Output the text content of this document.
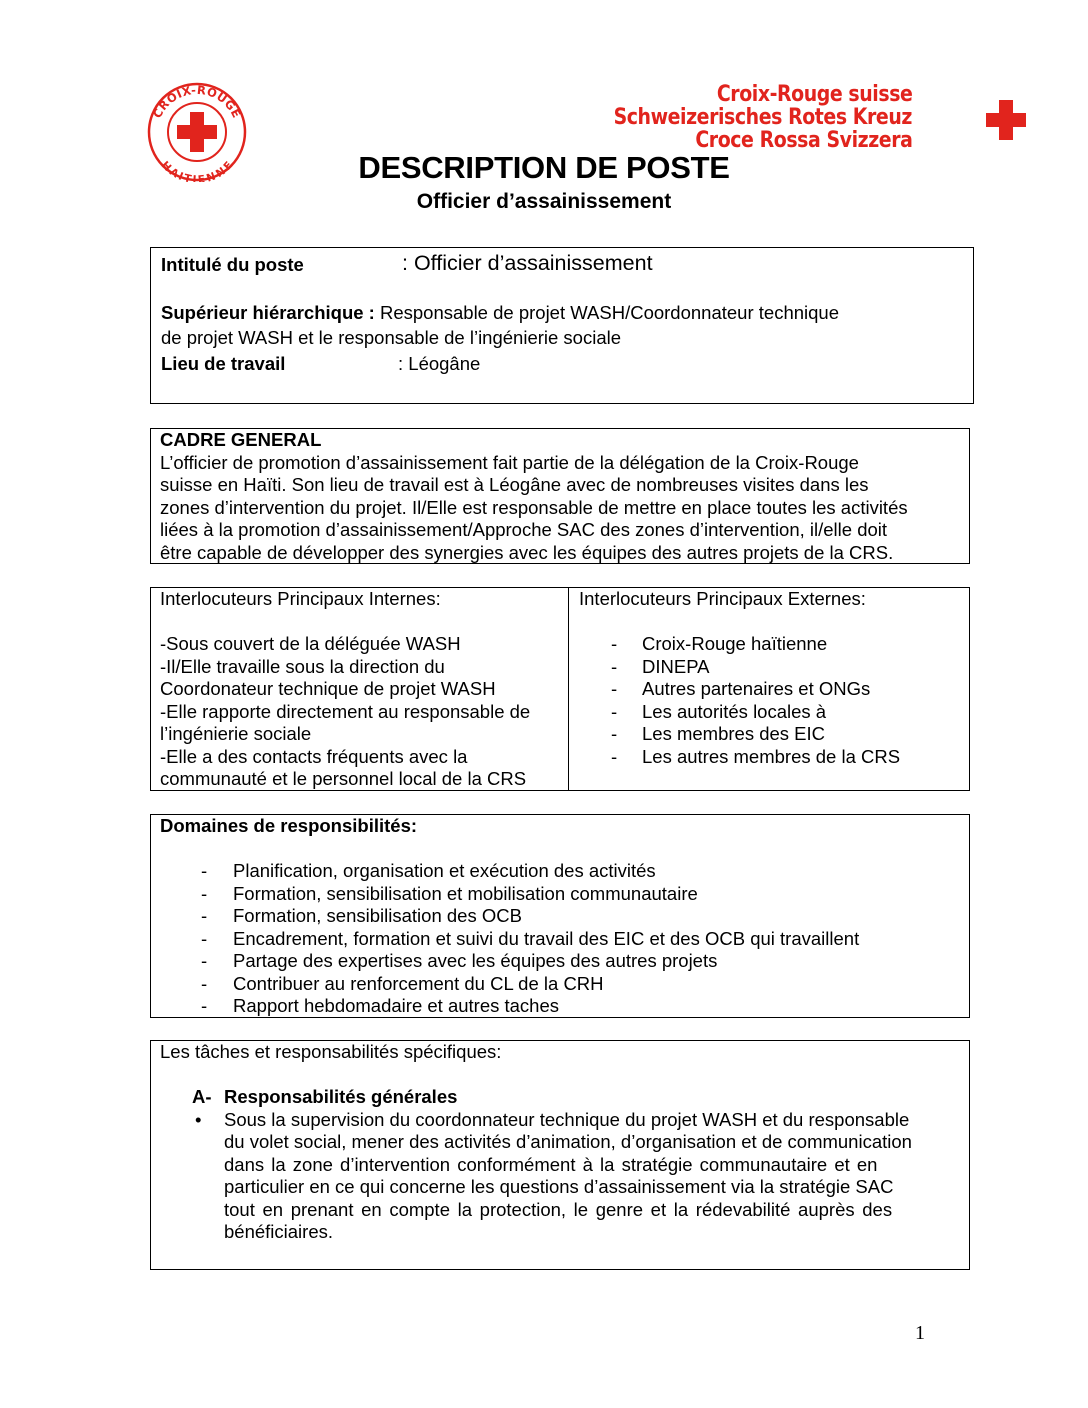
CROIX-ROUGE
HAITIENNE
Croix-Rouge suisse
Schweizerisches Rotes Kreuz
Croce Rossa Svizzera
DESCRIPTION DE POSTE
Officier d’assainissement
Intitulé du poste	: Officier d’assainissement
Supérieur hiérarchique : Responsable de projet WASH/Coordonnateur technique
de projet WASH et le responsable de l’ingénierie sociale
Lieu de travail	: Léogâne
CADRE GENERAL
L’officier de promotion d’assainissement fait partie de la délégation de la Croix-Rouge
suisse en Haïti. Son lieu de travail est à Léogâne avec de nombreuses visites dans les
zones d’intervention du projet. Il/Elle est responsable de mettre en place toutes les activités
liées à la promotion d’assainissement/Approche SAC des zones d’intervention, il/elle doit
être capable de développer des synergies avec les équipes des autres projets de la CRS.
Interlocuteurs Principaux Internes:
-Sous couvert de la déléguée WASH
-Il/Elle travaille sous la direction du
Coordonateur technique de projet WASH
-Elle rapporte directement au responsable de
l’ingénierie sociale
-Elle a des contacts fréquents avec la
communauté et le personnel local de la CRS
Interlocuteurs Principaux Externes:
- Croix-Rouge haïtienne
- DINEPA
- Autres partenaires et ONGs
- Les autorités locales à
- Les membres des EIC
- Les autres membres de la CRS
Domaines de responsibilités:
- Planification, organisation et exécution des activités
- Formation, sensibilisation et mobilisation communautaire
- Formation, sensibilisation des OCB
- Encadrement, formation et suivi du travail des EIC et des OCB qui travaillent
- Partage des expertises avec les équipes des autres projets
- Contribuer au renforcement du CL de la CRH
- Rapport hebdomadaire et autres taches
Les tâches et responsabilités spécifiques:
A- Responsabilités générales
• Sous la supervision du coordonnateur technique du projet WASH et du responsable
du volet social, mener des activités d’animation, d’organisation et de communication
dans la zone d’intervention conformément à la stratégie communautaire et en
particulier en ce qui concerne les questions d’assainissement via la stratégie SAC
tout en prenant en compte la protection, le genre et la rédevabilité auprès des
bénéficiaires.
1
